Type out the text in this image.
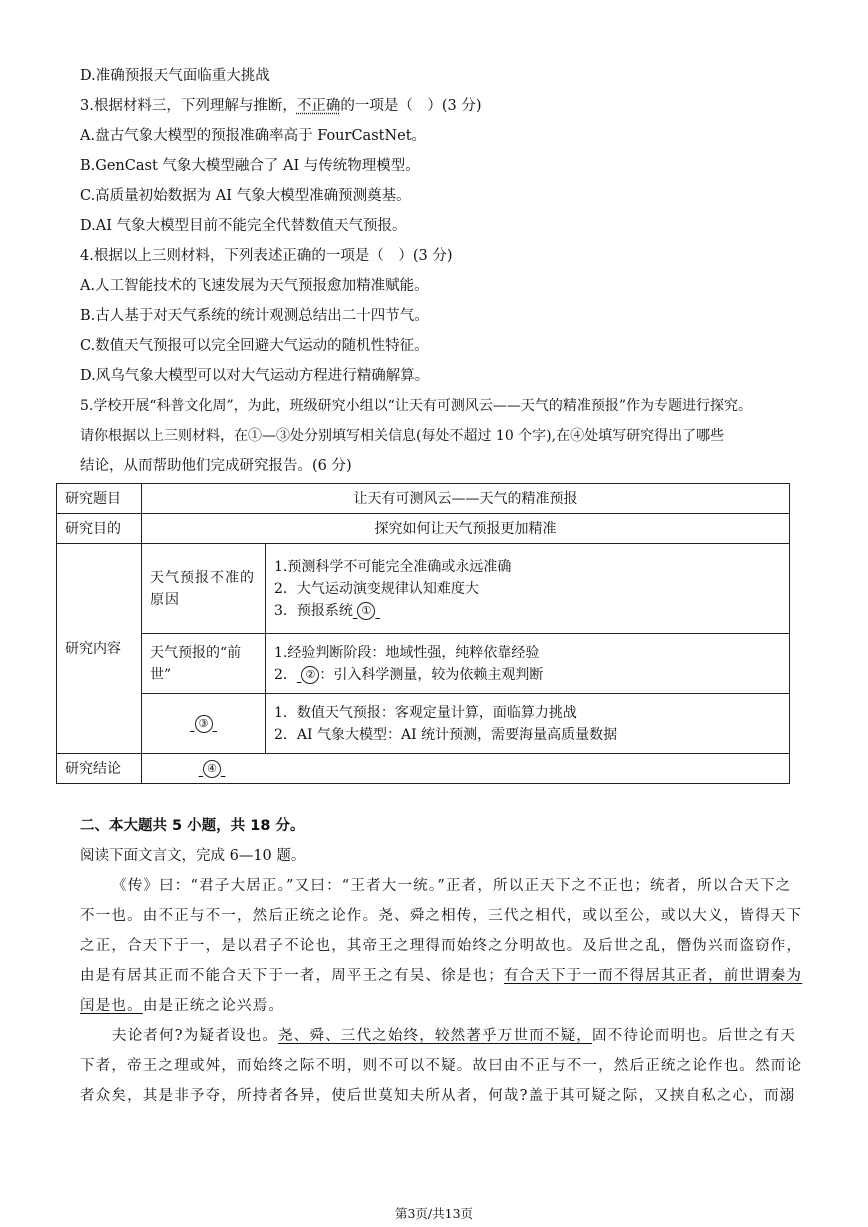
D.准确预报天气面临重大挑战
3.根据材料三，下列理解与推断，不正确的一项是（　）(3 分)
A.盘古气象大模型的预报准确率高于 FourCastNet。
B.GenCast 气象大模型融合了 AI 与传统物理模型。
C.高质量初始数据为 AI 气象大模型准确预测奠基。
D.AI 气象大模型目前不能完全代替数值天气预报。
4.根据以上三则材料，下列表述正确的一项是（　）(3 分)
A.人工智能技术的飞速发展为天气预报愈加精准赋能。
B.古人基于对天气系统的统计观测总结出二十四节气。
C.数值天气预报可以完全回避大气运动的随机性特征。
D.风乌气象大模型可以对大气运动方程进行精确解算。
5.学校开展“科普文化周”，为此，班级研究小组以“让天有可测风云——天气的精准预报”作为专题进行探究。
请你根据以上三则材料，在①—③处分别填写相关信息(每处不超过 10 个字),在④处填写研究得出了哪些
结论，从而帮助他们完成研究报告。(6 分)
研究题目	让天有可测风云——天气的精准预报	
研究目的	探究如何让天气预报更加精准	
研究内容	天气预报不准的原因	1.预测科学不可能完全准确或永远准确
2．大气运动演变规律认知难度大
3．预报系统 ①

	天气预报的“前世”	1.经验判断阶段：地域性强，纯粹依靠经验
2． ② ：引入科学测量，较为依赖主观判断

	③	1．数值天气预报：客观定量计算，面临算力挑战
2．AI 气象大模型：AI 统计预测，需要海量高质量数据

研究结论	④	
二、本大题共 5 小题，共 18 分。
阅读下面文言文，完成 6—10 题。
《传》曰：“君子大居正。”又曰：“王者大一统。”正者，所以正天下之不正也；统者，所以合天下之
不一也。由不正与不一，然后正统之论作。尧、舜之相传，三代之相代，或以至公，或以大义，皆得天下
之正，合天下于一，是以君子不论也，其帝王之理得而始终之分明故也。及后世之乱，僭伪兴而盗窃作，
由是有居其正而不能合天下于一者，周平王之有吴、徐是也；有合天下于一而不得居其正者，前世谓秦为
闰是也。由是正统之论兴焉。
夫论者何?为疑者设也。尧、舜、三代之始终，较然著乎万世而不疑，固不待论而明也。后世之有天
下者，帝王之理或舛，而始终之际不明，则不可以不疑。故曰由不正与不一，然后正统之论作也。然而论
者众矣，其是非予夺，所持者各异，使后世莫知夫所从者，何哉?盖于其可疑之际，又挟自私之心，而溺
第3页/共13页
